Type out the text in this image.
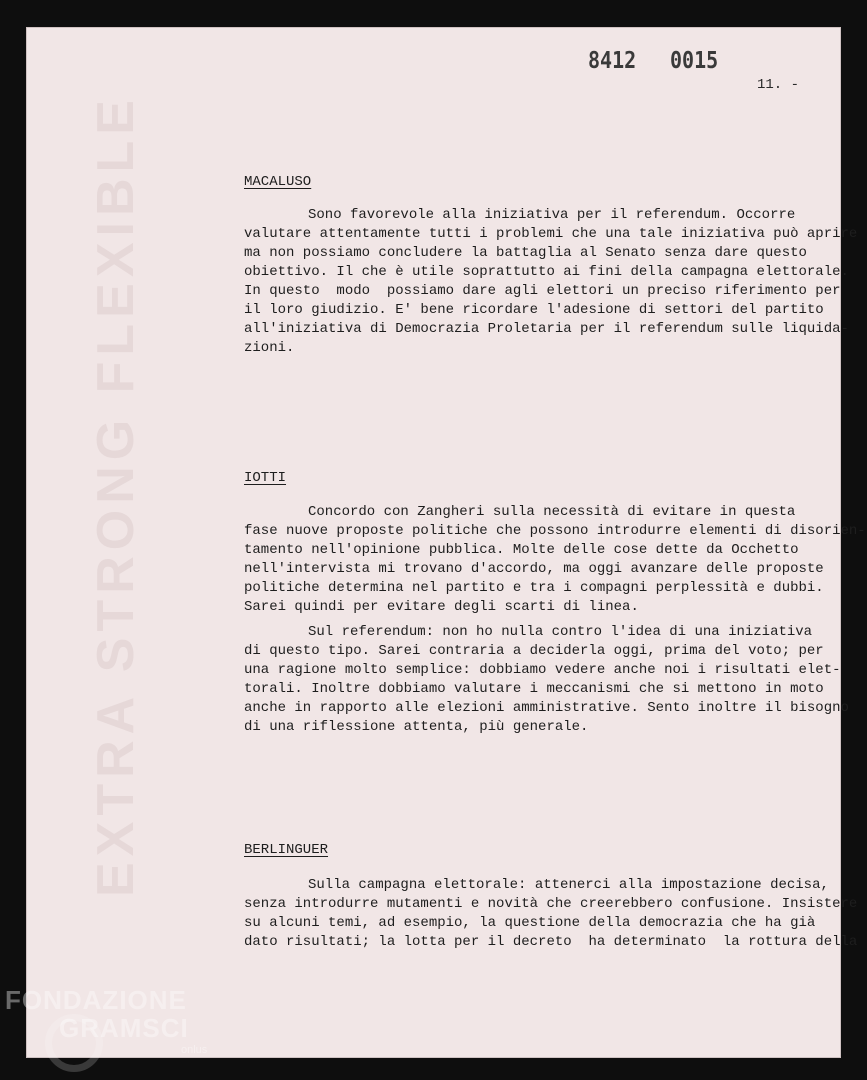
EXTRA STRONG FLEXIBLE
8412 0015
11. -
MACALUSO

Sono favorevole alla iniziativa per il referendum. Occorre
valutare attentamente tutti i problemi che una tale iniziativa può aprire
ma non possiamo concludere la battaglia al Senato senza dare questo
obiettivo. Il che è utile soprattutto ai fini della campagna elettorale.
In questo  modo  possiamo dare agli elettori un preciso riferimento per
il loro giudizio. E' bene ricordare l'adesione di settori del partito
all'iniziativa di Democrazia Proletaria per il referendum sulle liquida-
zioni.

IOTTI

Concordo con Zangheri sulla necessità di evitare in questa
fase nuove proposte politiche che possono introdurre elementi di disorien-
tamento nell'opinione pubblica. Molte delle cose dette da Occhetto
nell'intervista mi trovano d'accordo, ma oggi avanzare delle proposte
politiche determina nel partito e tra i compagni perplessità e dubbi.
Sarei quindi per evitare degli scarti di linea.

Sul referendum: non ho nulla contro l'idea di una iniziativa
di questo tipo. Sarei contraria a deciderla oggi, prima del voto; per
una ragione molto semplice: dobbiamo vedere anche noi i risultati elet-
torali. Inoltre dobbiamo valutare i meccanismi che si mettono in moto
anche in rapporto alle elezioni amministrative. Sento inoltre il bisogno
di una riflessione attenta, più generale.

BERLINGUER

Sulla campagna elettorale: attenerci alla impostazione decisa,
senza introdurre mutamenti e novità che creerebbero confusione. Insistere
su alcuni temi, ad esempio, la questione della democrazia che ha già
dato risultati; la lotta per il decreto  ha determinato  la rottura della

FONDAZIONE
GRAMSCI
onlus
